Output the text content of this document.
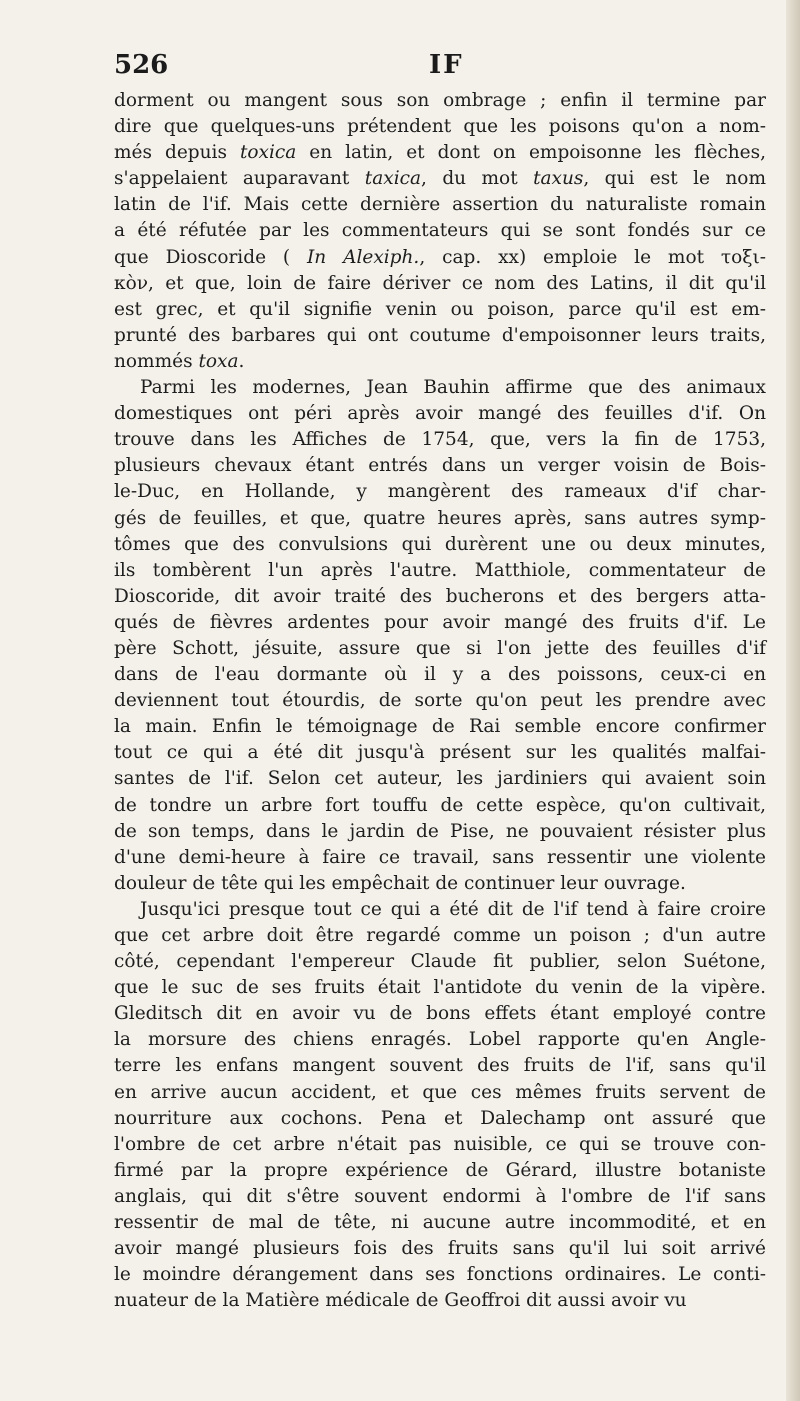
526	IF
dorment ou mangent sous son ombrage ; enfin il termine par
dire que quelques-uns prétendent que les poisons qu'on a nom-
més depuis toxica en latin, et dont on empoisonne les flèches,
s'appelaient auparavant taxica, du mot taxus, qui est le nom
latin de l'if. Mais cette dernière assertion du naturaliste romain
a été réfutée par les commentateurs qui se sont fondés sur ce
que Dioscoride ( In Alexiph., cap. xx) emploie le mot τοξι-
κὸν, et que, loin de faire dériver ce nom des Latins, il dit qu'il
est grec, et qu'il signifie venin ou poison, parce qu'il est em-
prunté des barbares qui ont coutume d'empoisonner leurs traits,
nommés toxa.
Parmi les modernes, Jean Bauhin affirme que des animaux
domestiques ont péri après avoir mangé des feuilles d'if. On
trouve dans les Affiches de 1754, que, vers la fin de 1753,
plusieurs chevaux étant entrés dans un verger voisin de Bois-
le-Duc, en Hollande, y mangèrent des rameaux d'if char-
gés de feuilles, et que, quatre heures après, sans autres symp-
tômes que des convulsions qui durèrent une ou deux minutes,
ils tombèrent l'un après l'autre. Matthiole, commentateur de
Dioscoride, dit avoir traité des bucherons et des bergers atta-
qués de fièvres ardentes pour avoir mangé des fruits d'if. Le
père Schott, jésuite, assure que si l'on jette des feuilles d'if
dans de l'eau dormante où il y a des poissons, ceux-ci en
deviennent tout étourdis, de sorte qu'on peut les prendre avec
la main. Enfin le témoignage de Rai semble encore confirmer
tout ce qui a été dit jusqu'à présent sur les qualités malfai-
santes de l'if. Selon cet auteur, les jardiniers qui avaient soin
de tondre un arbre fort touffu de cette espèce, qu'on cultivait,
de son temps, dans le jardin de Pise, ne pouvaient résister plus
d'une demi-heure à faire ce travail, sans ressentir une violente
douleur de tête qui les empêchait de continuer leur ouvrage.
Jusqu'ici presque tout ce qui a été dit de l'if tend à faire croire
que cet arbre doit être regardé comme un poison ; d'un autre
côté, cependant l'empereur Claude fit publier, selon Suétone,
que le suc de ses fruits était l'antidote du venin de la vipère.
Gleditsch dit en avoir vu de bons effets étant employé contre
la morsure des chiens enragés. Lobel rapporte qu'en Angle-
terre les enfans mangent souvent des fruits de l'if, sans qu'il
en arrive aucun accident, et que ces mêmes fruits servent de
nourriture aux cochons. Pena et Dalechamp ont assuré que
l'ombre de cet arbre n'était pas nuisible, ce qui se trouve con-
firmé par la propre expérience de Gérard, illustre botaniste
anglais, qui dit s'être souvent endormi à l'ombre de l'if sans
ressentir de mal de tête, ni aucune autre incommodité, et en
avoir mangé plusieurs fois des fruits sans qu'il lui soit arrivé
le moindre dérangement dans ses fonctions ordinaires. Le conti-
nuateur de la Matière médicale de Geoffroi dit aussi avoir vu
